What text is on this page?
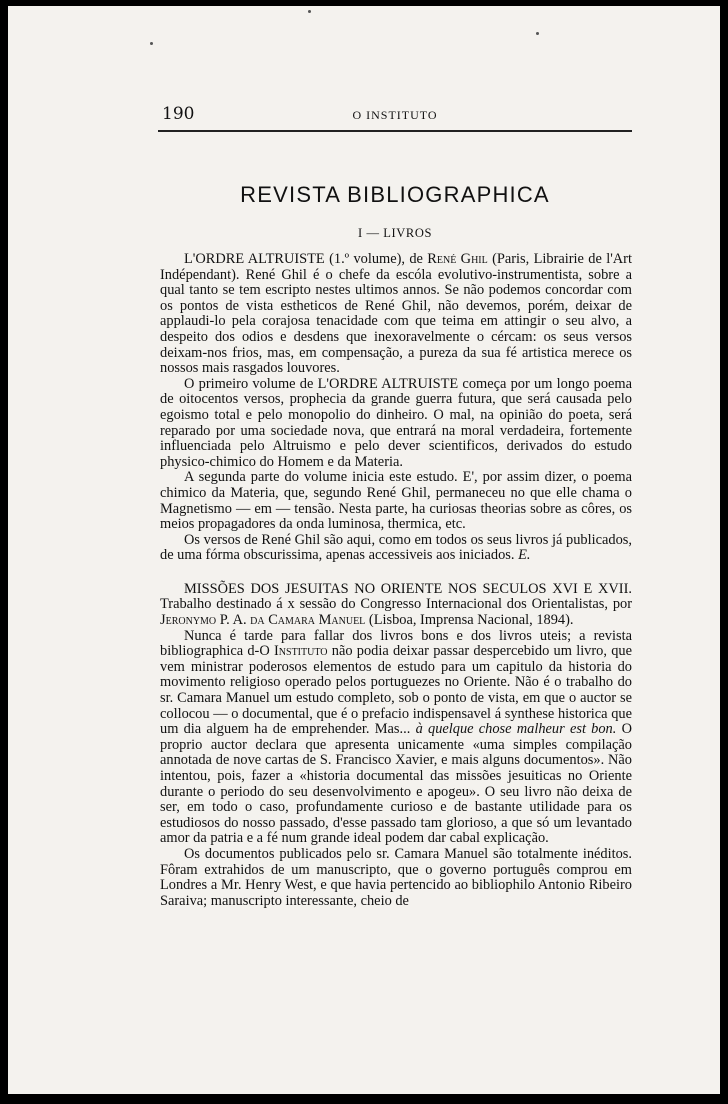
190	O INSTITUTO
REVISTA BIBLIOGRAPHICA
I — LIVROS

L'ORDRE ALTRUISTE (1.º volume), de René Ghil (Paris, Librairie de l'Art Indépendant). René Ghil é o chefe da escóla evolutivo-instrumentista, sobre a qual tanto se tem escripto nestes ultimos annos. Se não podemos concordar com os pontos de vista estheticos de René Ghil, não devemos, porém, deixar de applaudi-lo pela corajosa tenacidade com que teima em attingir o seu alvo, a despeito dos odios e desdens que inexoravelmente o cércam: os seus versos deixam-nos frios, mas, em compensação, a pureza da sua fé artistica merece os nossos mais rasgados louvores.

O primeiro volume de L'ORDRE ALTRUISTE começa por um longo poema de oitocentos versos, prophecia da grande guerra futura, que será causada pelo egoismo total e pelo monopolio do dinheiro. O mal, na opinião do poeta, será reparado por uma sociedade nova, que entrará na moral verdadeira, fortemente influenciada pelo Altruismo e pelo dever scientificos, derivados do estudo physico-chimico do Homem e da Materia.

A segunda parte do volume inicia este estudo. E', por assim dizer, o poema chimico da Materia, que, segundo René Ghil, permaneceu no que elle chama o Magnetismo — em — tensão. Nesta parte, ha curiosas theorias sobre as côres, os meios propagadores da onda luminosa, thermica, etc.

Os versos de René Ghil são aqui, como em todos os seus livros já publicados, de uma fórma obscurissima, apenas accessiveis aos iniciados. E.

MISSÕES DOS JESUITAS NO ORIENTE NOS SECULOS XVI E XVII. Trabalho destinado á x sessão do Congresso Internacional dos Orientalistas, por Jeronymo P. A. da Camara Manuel (Lisboa, Imprensa Nacional, 1894).

Nunca é tarde para fallar dos livros bons e dos livros uteis; a revista bibliographica d-O Instituto não podia deixar passar despercebido um livro, que vem ministrar poderosos elementos de estudo para um capitulo da historia do movimento religioso operado pelos portuguezes no Oriente. Não é o trabalho do sr. Camara Manuel um estudo completo, sob o ponto de vista, em que o auctor se collocou — o documental, que é o prefacio indispensavel á synthese historica que um dia alguem ha de emprehender. Mas... à quelque chose malheur est bon. O proprio auctor declara que apresenta unicamente «uma simples compilação annotada de nove cartas de S. Francisco Xavier, e mais alguns documentos». Não intentou, pois, fazer a «historia documental das missões jesuiticas no Oriente durante o periodo do seu desenvolvimento e apogeu». O seu livro não deixa de ser, em todo o caso, profundamente curioso e de bastante utilidade para os estudiosos do nosso passado, d'esse passado tam glorioso, a que só um levantado amor da patria e a fé num grande ideal podem dar cabal explicação.

Os documentos publicados pelo sr. Camara Manuel são totalmente inéditos. Fôram extrahidos de um manuscripto, que o governo português comprou em Londres a Mr. Henry West, e que havia pertencido ao bibliophilo Antonio Ribeiro Saraiva; manuscripto interessante, cheio de
